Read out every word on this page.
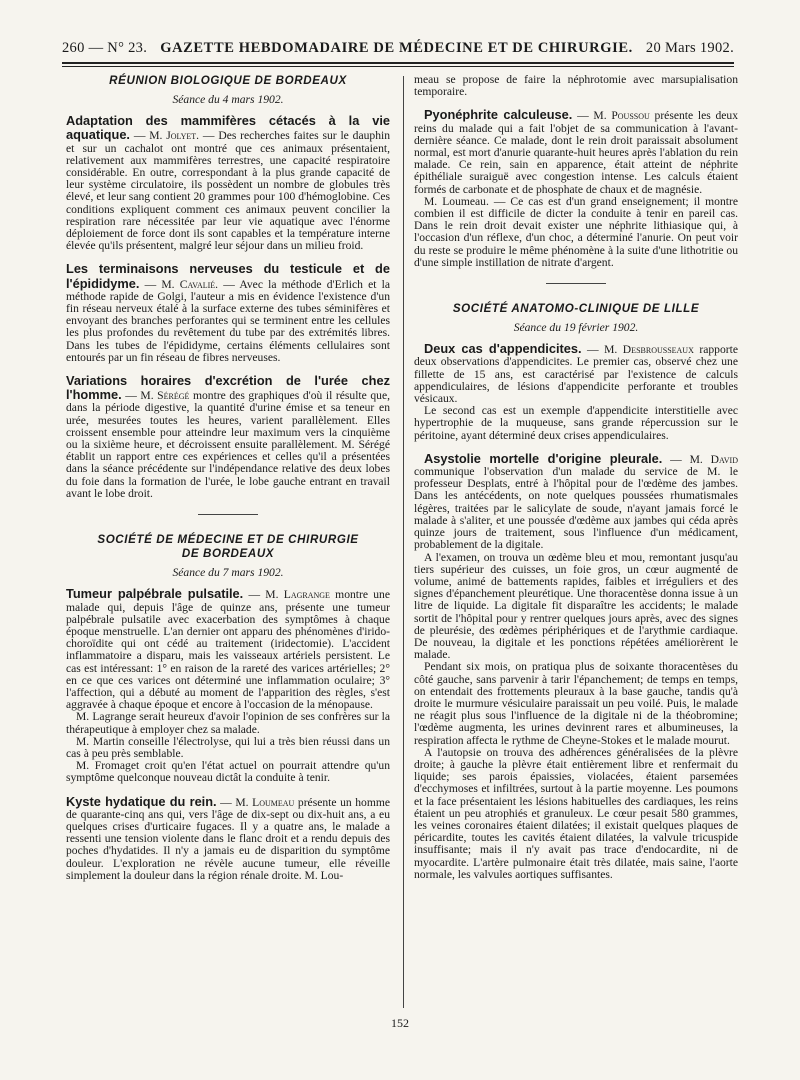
260 — N° 23. GAZETTE HEBDOMADAIRE DE MÉDECINE ET DE CHIRURGIE. 20 Mars 1902.
RÉUNION BIOLOGIQUE DE BORDEAUX
Séance du 4 mars 1902.

Adaptation des mammifères cétacés à la vie aquatique. — M. Jolyet. — Des recherches faites sur le dauphin et sur un cachalot ont montré que ces animaux présentaient, relativement aux mammifères terrestres, une capacité respiratoire considérable. En outre, correspondant à la plus grande capacité de leur système circulatoire, ils possèdent un nombre de globules très élevé, et leur sang contient 20 grammes pour 100 d'hémoglobine. Ces conditions expliquent comment ces animaux peuvent concilier la respiration rare nécessitée par leur vie aquatique avec l'énorme déploiement de force dont ils sont capables et la température interne élevée qu'ils présentent, malgré leur séjour dans un milieu froid.

Les terminaisons nerveuses du testicule et de l'épididyme. — M. Cavalié. — Avec la méthode d'Erlich et la méthode rapide de Golgi, l'auteur a mis en évidence l'existence d'un fin réseau nerveux étalé à la surface externe des tubes séminifères et envoyant des branches perforantes qui se terminent entre les cellules les plus profondes du revêtement du tube par des extrémités libres. Dans les tubes de l'épididyme, certains éléments cellulaires sont entourés par un fin réseau de fibres nerveuses.

Variations horaires d'excrétion de l'urée chez l'homme. — M. Sérégé montre des graphiques d'où il résulte que, dans la période digestive, la quantité d'urine émise et sa teneur en urée, mesurées toutes les heures, varient parallèlement. Elles croissent ensemble pour atteindre leur maximum vers la cinquième ou la sixième heure, et décroissent ensuite parallèlement. M. Sérégé établit un rapport entre ces expériences et celles qu'il a présentées dans la séance précédente sur l'indépendance relative des deux lobes du foie dans la formation de l'urée, le lobe gauche entrant en travail avant le lobe droit.

SOCIÉTÉ DE MÉDECINE ET DE CHIRURGIE
DE BORDEAUX
Séance du 7 mars 1902.

Tumeur palpébrale pulsatile. — M. Lagrange montre une malade qui, depuis l'âge de quinze ans, présente une tumeur palpébrale pulsatile avec exacerbation des symptômes à chaque époque menstruelle. L'an dernier ont apparu des phénomènes d'irido-choroïdite qui ont cédé au traitement (iridectomie). L'accident inflammatoire a disparu, mais les vaisseaux artériels persistent. Le cas est intéressant: 1° en raison de la rareté des varices artérielles; 2° en ce que ces varices ont déterminé une inflammation oculaire; 3° l'affection, qui a débuté au moment de l'apparition des règles, s'est aggravée à chaque époque et encore à l'occasion de la ménopause.

M. Lagrange serait heureux d'avoir l'opinion de ses confrères sur la thérapeutique à employer chez sa malade.

M. Martin conseille l'électrolyse, qui lui a très bien réussi dans un cas à peu près semblable.

M. Fromaget croit qu'en l'état actuel on pourrait attendre qu'un symptôme quelconque nouveau dictât la conduite à tenir.

Kyste hydatique du rein. — M. Loumeau présente un homme de quarante-cinq ans qui, vers l'âge de dix-sept ou dix-huit ans, a eu quelques crises d'urticaire fugaces. Il y a quatre ans, le malade a ressenti une tension violente dans le flanc droit et a rendu depuis des poches d'hydatides. Il n'y a jamais eu de disparition du symptôme douleur. L'exploration ne révèle aucune tumeur, elle réveille simplement la douleur dans la région rénale droite. M. Lou-

meau se propose de faire la néphrotomie avec marsupialisation temporaire.

Pyonéphrite calculeuse. — M. Poussou présente les deux reins du malade qui a fait l'objet de sa communication à l'avant-dernière séance. Ce malade, dont le rein droit paraissait absolument normal, est mort d'anurie quarante-huit heures après l'ablation du rein malade. Ce rein, sain en apparence, était atteint de néphrite épithéliale suraiguë avec congestion intense. Les calculs étaient formés de carbonate et de phosphate de chaux et de magnésie.

M. Loumeau. — Ce cas est d'un grand enseignement; il montre combien il est difficile de dicter la conduite à tenir en pareil cas. Dans le rein droit devait exister une néphrite lithiasique qui, à l'occasion d'un réflexe, d'un choc, a déterminé l'anurie. On peut voir du reste se produire le même phénomène à la suite d'une lithotritie ou d'une simple instillation de nitrate d'argent.

SOCIÉTÉ ANATOMO-CLINIQUE DE LILLE
Séance du 19 février 1902.

Deux cas d'appendicites. — M. Desbrousseaux rapporte deux observations d'appendicites. Le premier cas, observé chez une fillette de 15 ans, est caractérisé par l'existence de calculs appendiculaires, de lésions d'appendicite perforante et troubles vésicaux.

Le second cas est un exemple d'appendicite interstitielle avec hypertrophie de la muqueuse, sans grande répercussion sur le péritoine, ayant déterminé deux crises appendiculaires.

Asystolie mortelle d'origine pleurale. — M. David communique l'observation d'un malade du service de M. le professeur Desplats, entré à l'hôpital pour de l'œdème des jambes. Dans les antécédents, on note quelques poussées rhumatismales légères, traitées par le salicylate de soude, n'ayant jamais forcé le malade à s'aliter, et une poussée d'œdème aux jambes qui céda après quinze jours de traitement, sous l'influence d'un médicament, probablement de la digitale.

A l'examen, on trouva un œdème bleu et mou, remontant jusqu'au tiers supérieur des cuisses, un foie gros, un cœur augmenté de volume, animé de battements rapides, faibles et irréguliers et des signes d'épanchement pleurétique. Une thoracentèse donna issue à un litre de liquide. La digitale fit disparaître les accidents; le malade sortit de l'hôpital pour y rentrer quelques jours après, avec des signes de pleurésie, des œdèmes périphériques et de l'arythmie cardiaque. De nouveau, la digitale et les ponctions répétées améliorèrent le malade.

Pendant six mois, on pratiqua plus de soixante thoracentèses du côté gauche, sans parvenir à tarir l'épanchement; de temps en temps, on entendait des frottements pleuraux à la base gauche, tandis qu'à droite le murmure vésiculaire paraissait un peu voilé. Puis, le malade ne réagit plus sous l'influence de la digitale ni de la théobromine; l'œdème augmenta, les urines devinrent rares et albumineuses, la respiration affecta le rythme de Cheyne-Stokes et le malade mourut.

A l'autopsie on trouva des adhérences généralisées de la plèvre droite; à gauche la plèvre était entièrement libre et renfermait du liquide; ses parois épaissies, violacées, étaient parsemées d'ecchymoses et infiltrées, surtout à la partie moyenne. Les poumons et la face présentaient les lésions habituelles des cardiaques, les reins étaient un peu atrophiés et granuleux. Le cœur pesait 580 grammes, les veines coronaires étaient dilatées; il existait quelques plaques de péricardite, toutes les cavités étaient dilatées, la valvule tricuspide insuffisante; mais il n'y avait pas trace d'endocardite, ni de myocardite. L'artère pulmonaire était très dilatée, mais saine, l'aorte normale, les valvules aortiques suffisantes.

152
